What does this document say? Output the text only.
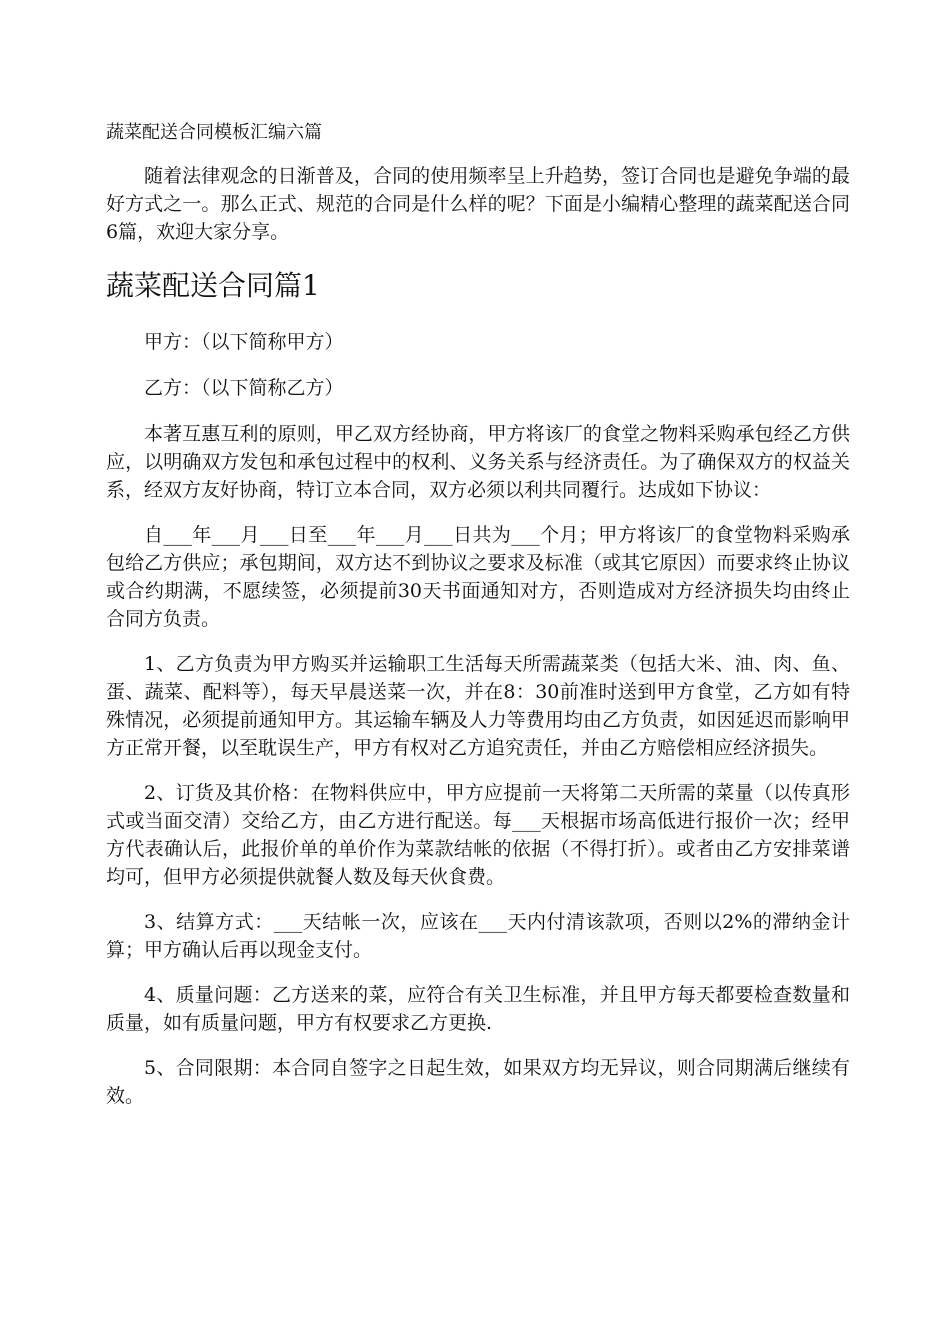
蔬菜配送合同模板汇编六篇

随着法律观念的日渐普及，合同的使用频率呈上升趋势，签订合同也是避免争端的最好方式之一。那么正式、规范的合同是什么样的呢？下面是小编精心整理的蔬菜配送合同6篇，欢迎大家分享。

蔬菜配送合同篇1

甲方：（以下简称甲方）

乙方：（以下简称乙方）

本著互惠互利的原则，甲乙双方经协商，甲方将该厂的食堂之物料采购承包经乙方供应，以明确双方发包和承包过程中的权利、义务关系与经济责任。为了确保双方的权益关系，经双方友好协商，特订立本合同，双方必须以利共同覆行。达成如下协议：

自___年___月___日至___年___月___日共为___个月；甲方将该厂的食堂物料采购承包给乙方供应；承包期间，双方达不到协议之要求及标准（或其它原因）而要求终止协议或合约期满，不愿续签，必须提前30天书面通知对方，否则造成对方经济损失均由终止合同方负责。

1、乙方负责为甲方购买并运输职工生活每天所需蔬菜类（包括大米、油、肉、鱼、蛋、蔬菜、配料等），每天早晨送菜一次，并在8：30前准时送到甲方食堂，乙方如有特殊情况，必须提前通知甲方。其运输车辆及人力等费用均由乙方负责，如因延迟而影响甲方正常开餐，以至耽误生产，甲方有权对乙方追究责任，并由乙方赔偿相应经济损失。

2、订货及其价格：在物料供应中，甲方应提前一天将第二天所需的菜量（以传真形式或当面交清）交给乙方，由乙方进行配送。每___天根据市场高低进行报价一次；经甲方代表确认后，此报价单的单价作为菜款结帐的依据（不得打折）。或者由乙方安排菜谱均可，但甲方必须提供就餐人数及每天伙食费。

3、结算方式：___天结帐一次，应该在___天内付清该款项，否则以2%的滞纳金计算；甲方确认后再以现金支付。

4、质量问题：乙方送来的菜，应符合有关卫生标准，并且甲方每天都要检查数量和质量，如有质量问题，甲方有权要求乙方更换.

5、合同限期：本合同自签字之日起生效，如果双方均无异议，则合同期满后继续有效。
